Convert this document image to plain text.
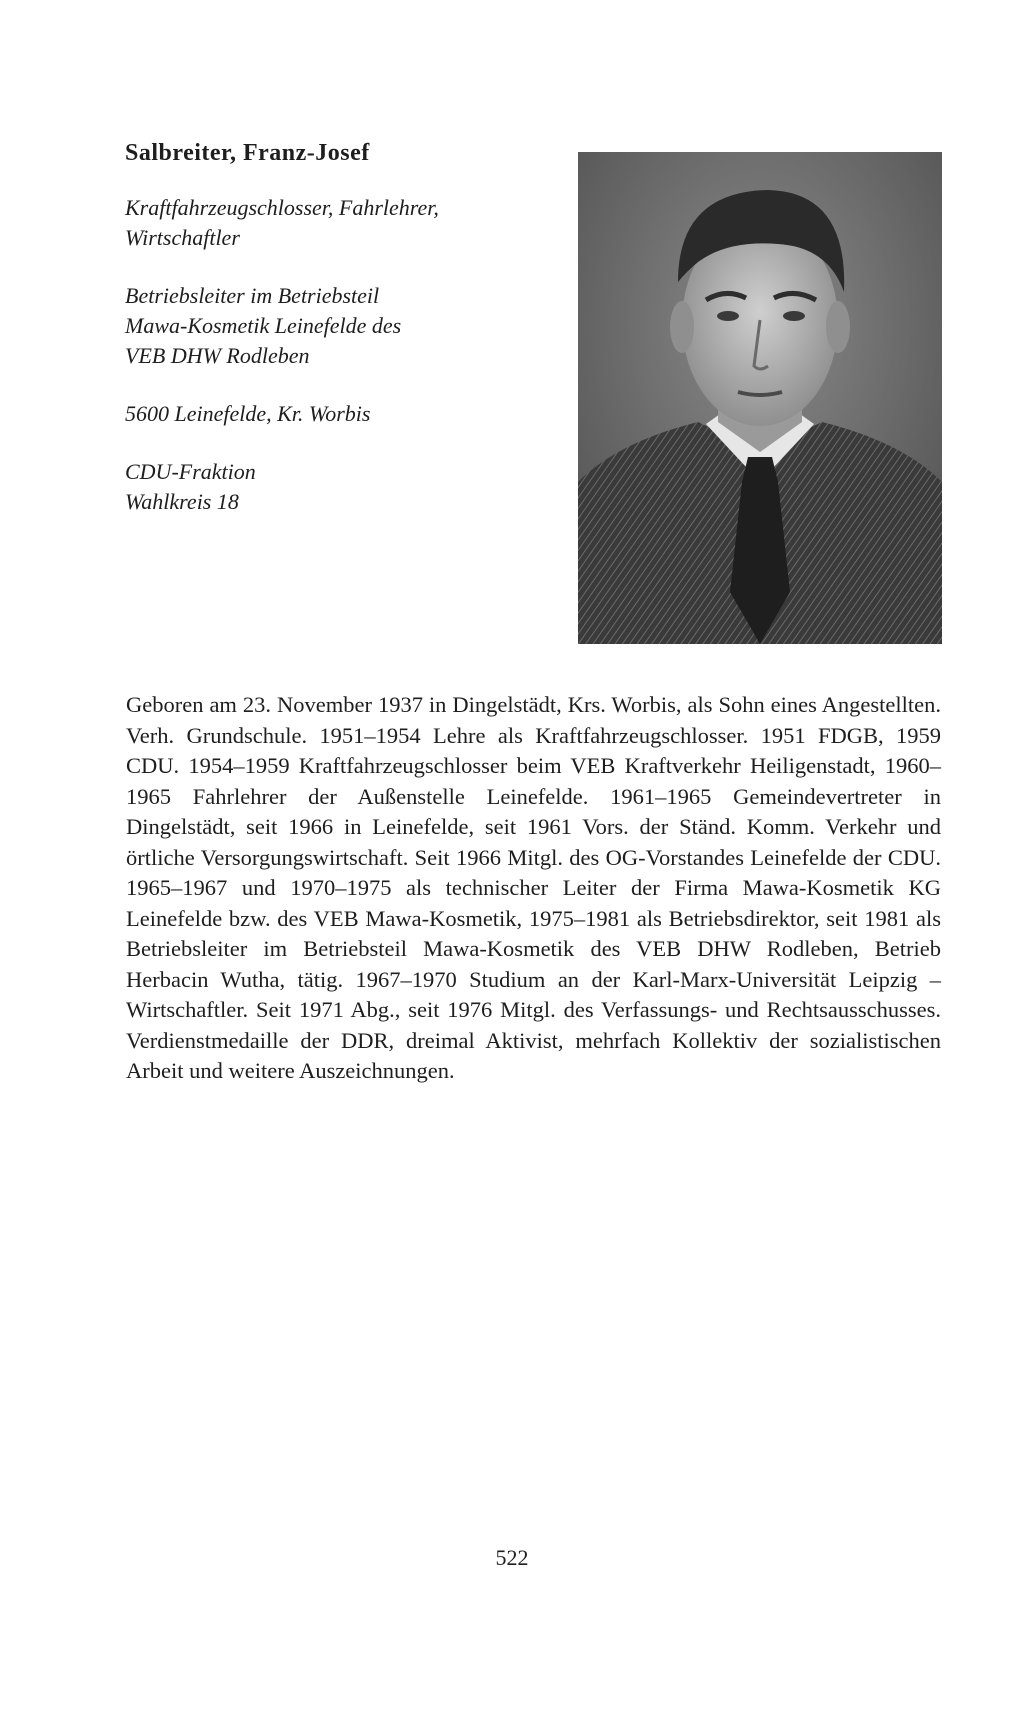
Salbreiter, Franz-Josef
Kraftfahrzeugschlosser, Fahrlehrer,
Wirtschaftler
Betriebsleiter im Betriebsteil
Mawa-Kosmetik Leinefelde des
VEB DHW Rodleben
5600 Leinefelde, Kr. Worbis
CDU-Fraktion
Wahlkreis 18

Geboren am 23. November 1937 in Dingelstädt, Krs. Worbis, als Sohn eines Angestellten. Verh. Grundschule. 1951–1954 Lehre als Kraftfahrzeugschlosser. 1951 FDGB, 1959 CDU. 1954–1959 Kraftfahrzeugschlosser beim VEB Kraftverkehr Heiligenstadt, 1960–1965 Fahrlehrer der Außenstelle Leinefelde. 1961–1965 Gemeindevertreter in Dingelstädt, seit 1966 in Leinefelde, seit 1961 Vors. der Ständ. Komm. Verkehr und örtliche Versorgungswirtschaft. Seit 1966 Mitgl. des OG-Vorstandes Leinefelde der CDU. 1965–1967 und 1970–1975 als technischer Leiter der Firma Mawa-Kosmetik KG Leinefelde bzw. des VEB Mawa-Kosmetik, 1975–1981 als Betriebsdirektor, seit 1981 als Betriebsleiter im Betriebsteil Mawa-Kosmetik des VEB DHW Rodleben, Betrieb Herbacin Wutha, tätig. 1967–1970 Studium an der Karl-Marx-Universität Leipzig – Wirtschaftler. Seit 1971 Abg., seit 1976 Mitgl. des Verfassungs- und Rechtsausschusses. Verdienstmedaille der DDR, dreimal Aktivist, mehrfach Kollektiv der sozialistischen Arbeit und weitere Auszeichnungen.

522
